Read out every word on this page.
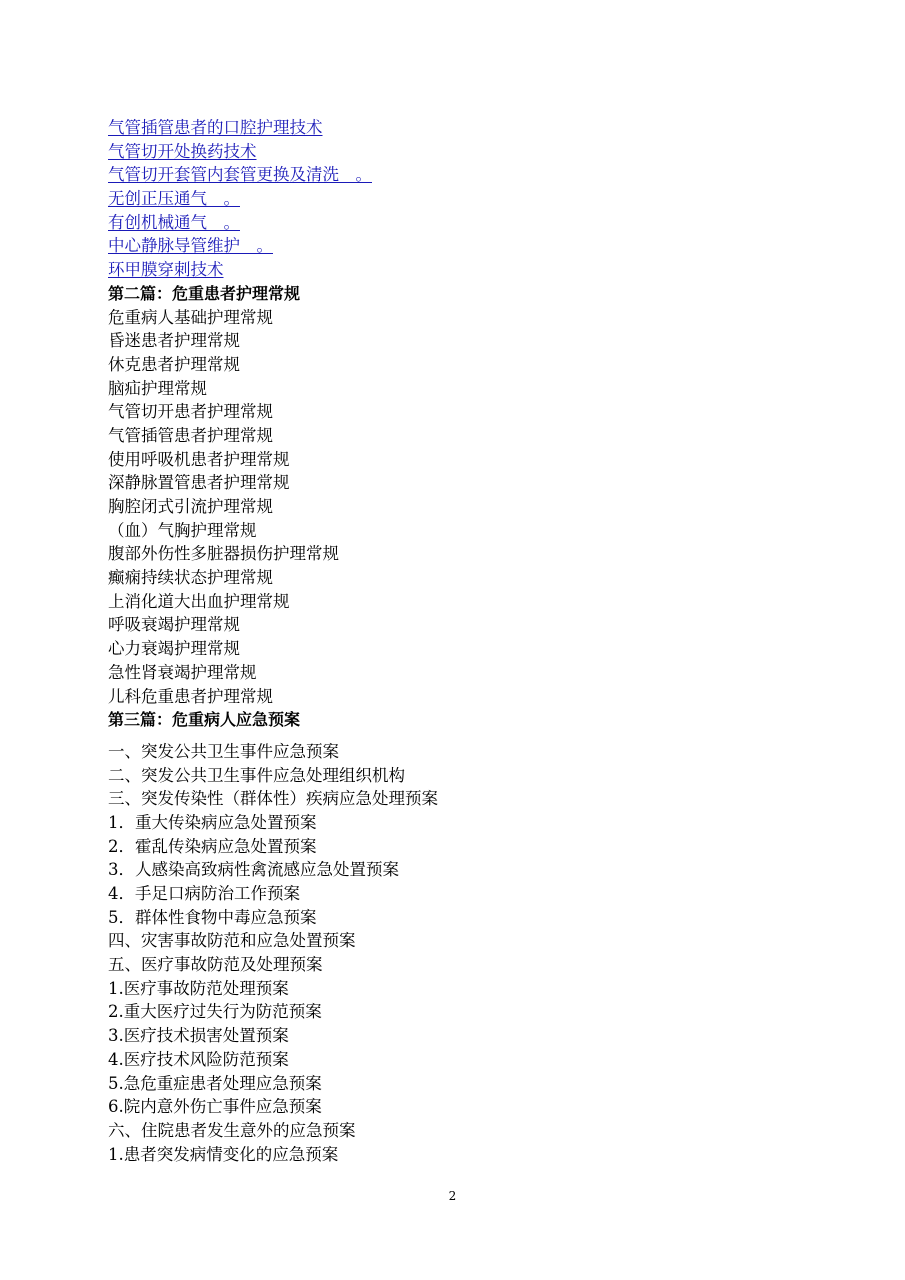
气管插管患者的口腔护理技术
气管切开处换药技术
气管切开套管内套管更换及清洗　。
无创正压通气　。
有创机械通气　。
中心静脉导管维护　。
环甲膜穿刺技术
第二篇：危重患者护理常规
危重病人基础护理常规
昏迷患者护理常规
休克患者护理常规
脑疝护理常规
气管切开患者护理常规
气管插管患者护理常规
使用呼吸机患者护理常规
深静脉置管患者护理常规
胸腔闭式引流护理常规
（血）气胸护理常规
腹部外伤性多脏器损伤护理常规
癫痫持续状态护理常规
上消化道大出血护理常规
呼吸衰竭护理常规
心力衰竭护理常规
急性肾衰竭护理常规
儿科危重患者护理常规
第三篇：危重病人应急预案
一、突发公共卫生事件应急预案
二、突发公共卫生事件应急处理组织机构
三、突发传染性（群体性）疾病应急处理预案
1．重大传染病应急处置预案
2．霍乱传染病应急处置预案
3．人感染高致病性禽流感应急处置预案
4．手足口病防治工作预案
5．群体性食物中毒应急预案
四、灾害事故防范和应急处置预案
五、医疗事故防范及处理预案
1.医疗事故防范处理预案
2.重大医疗过失行为防范预案
3.医疗技术损害处置预案
4.医疗技术风险防范预案
5.急危重症患者处理应急预案
6.院内意外伤亡事件应急预案
六、住院患者发生意外的应急预案
1.患者突发病情变化的应急预案
2
